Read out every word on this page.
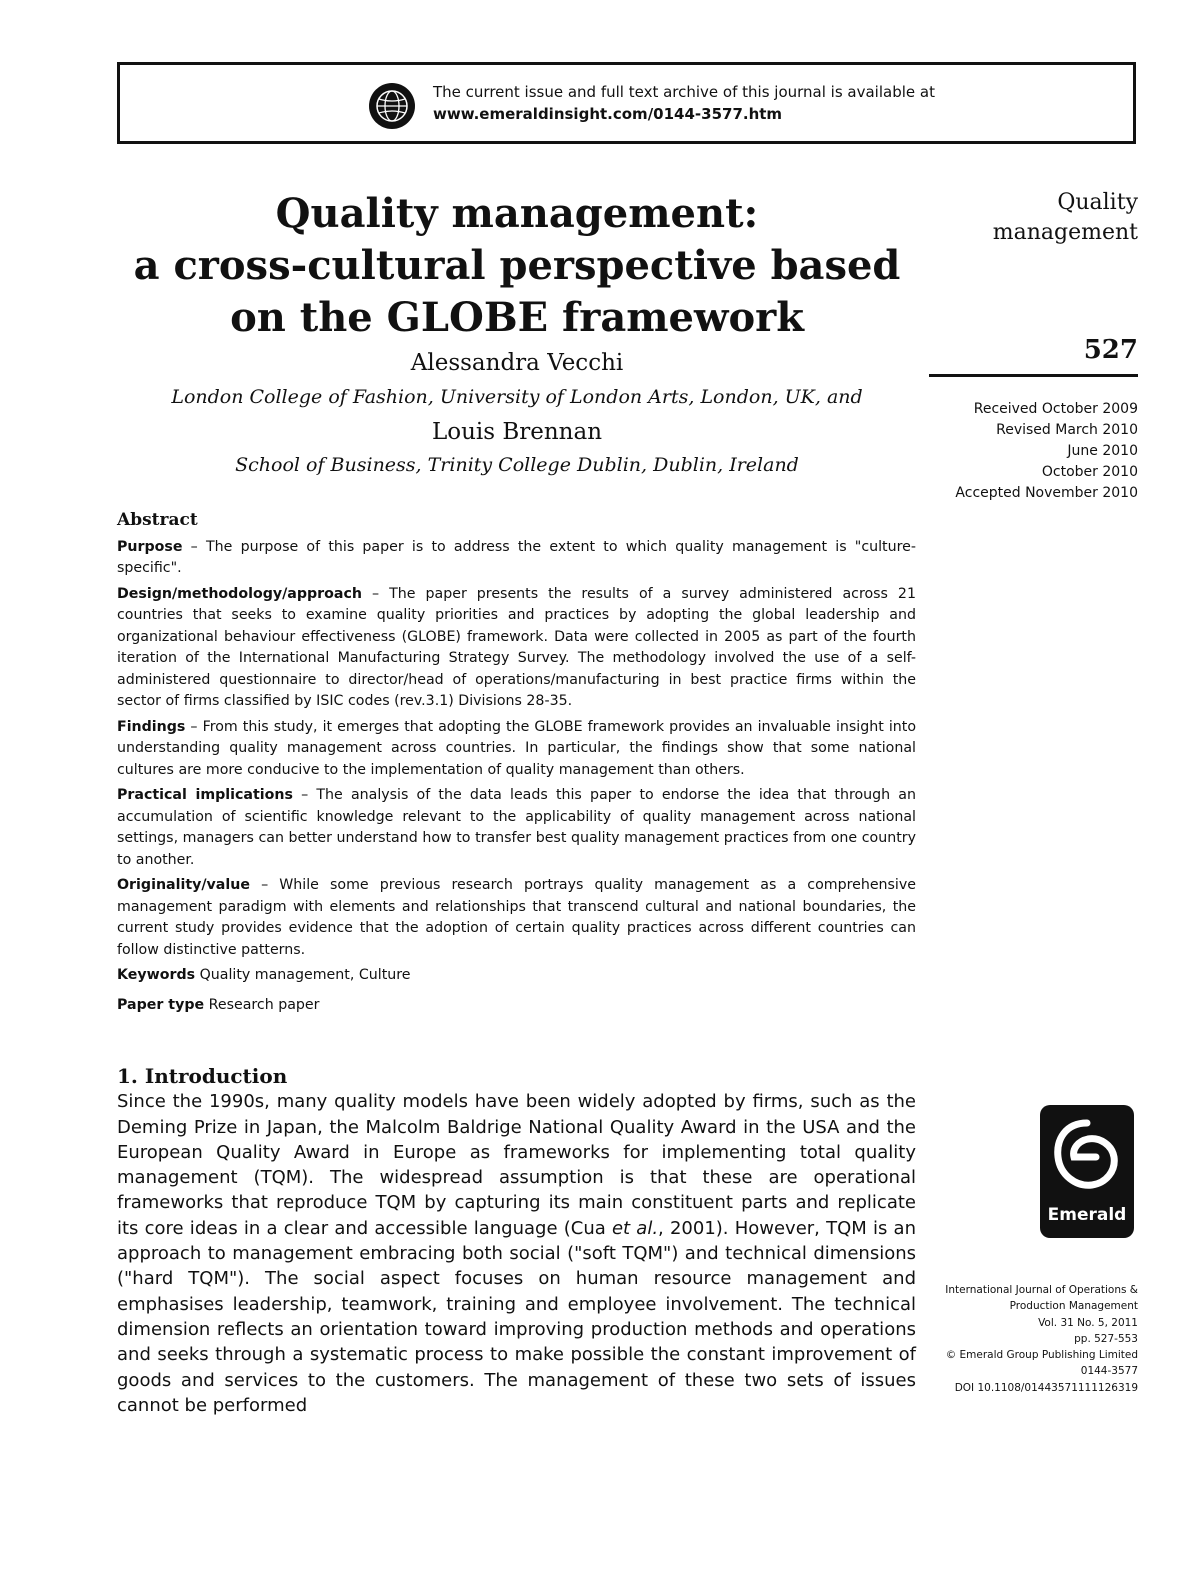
The current issue and full text archive of this journal is available at
www.emeraldinsight.com/0144-3577.htm
Quality management:
a cross-cultural perspective based
on the GLOBE framework
Alessandra Vecchi
London College of Fashion, University of London Arts, London, UK, and
Louis Brennan
School of Business, Trinity College Dublin, Dublin, Ireland
Quality
management
527
Received October 2009
Revised March 2010
June 2010
October 2010
Accepted November 2010
Abstract

Purpose – The purpose of this paper is to address the extent to which quality management is "culture-specific".

Design/methodology/approach – The paper presents the results of a survey administered across 21 countries that seeks to examine quality priorities and practices by adopting the global leadership and organizational behaviour effectiveness (GLOBE) framework. Data were collected in 2005 as part of the fourth iteration of the International Manufacturing Strategy Survey. The methodology involved the use of a self-administered questionnaire to director/head of operations/manufacturing in best practice firms within the sector of firms classified by ISIC codes (rev.3.1) Divisions 28-35.

Findings – From this study, it emerges that adopting the GLOBE framework provides an invaluable insight into understanding quality management across countries. In particular, the findings show that some national cultures are more conducive to the implementation of quality management than others.

Practical implications – The analysis of the data leads this paper to endorse the idea that through an accumulation of scientific knowledge relevant to the applicability of quality management across national settings, managers can better understand how to transfer best quality management practices from one country to another.

Originality/value – While some previous research portrays quality management as a comprehensive management paradigm with elements and relationships that transcend cultural and national boundaries, the current study provides evidence that the adoption of certain quality practices across different countries can follow distinctive patterns.

Keywords Quality management, Culture

Paper type Research paper

1. Introduction

Since the 1990s, many quality models have been widely adopted by firms, such as the Deming Prize in Japan, the Malcolm Baldrige National Quality Award in the USA and the European Quality Award in Europe as frameworks for implementing total quality management (TQM). The widespread assumption is that these are operational frameworks that reproduce TQM by capturing its main constituent parts and replicate its core ideas in a clear and accessible language (Cua et al., 2001). However, TQM is an approach to management embracing both social ("soft TQM") and technical dimensions ("hard TQM"). The social aspect focuses on human resource management and emphasises leadership, teamwork, training and employee involvement. The technical dimension reflects an orientation toward improving production methods and operations and seeks through a systematic process to make possible the constant improvement of goods and services to the customers. The management of these two sets of issues cannot be performed

Emerald
International Journal of Operations &
Production Management
Vol. 31 No. 5, 2011
pp. 527-553
© Emerald Group Publishing Limited
0144-3577
DOI 10.1108/01443571111126319
